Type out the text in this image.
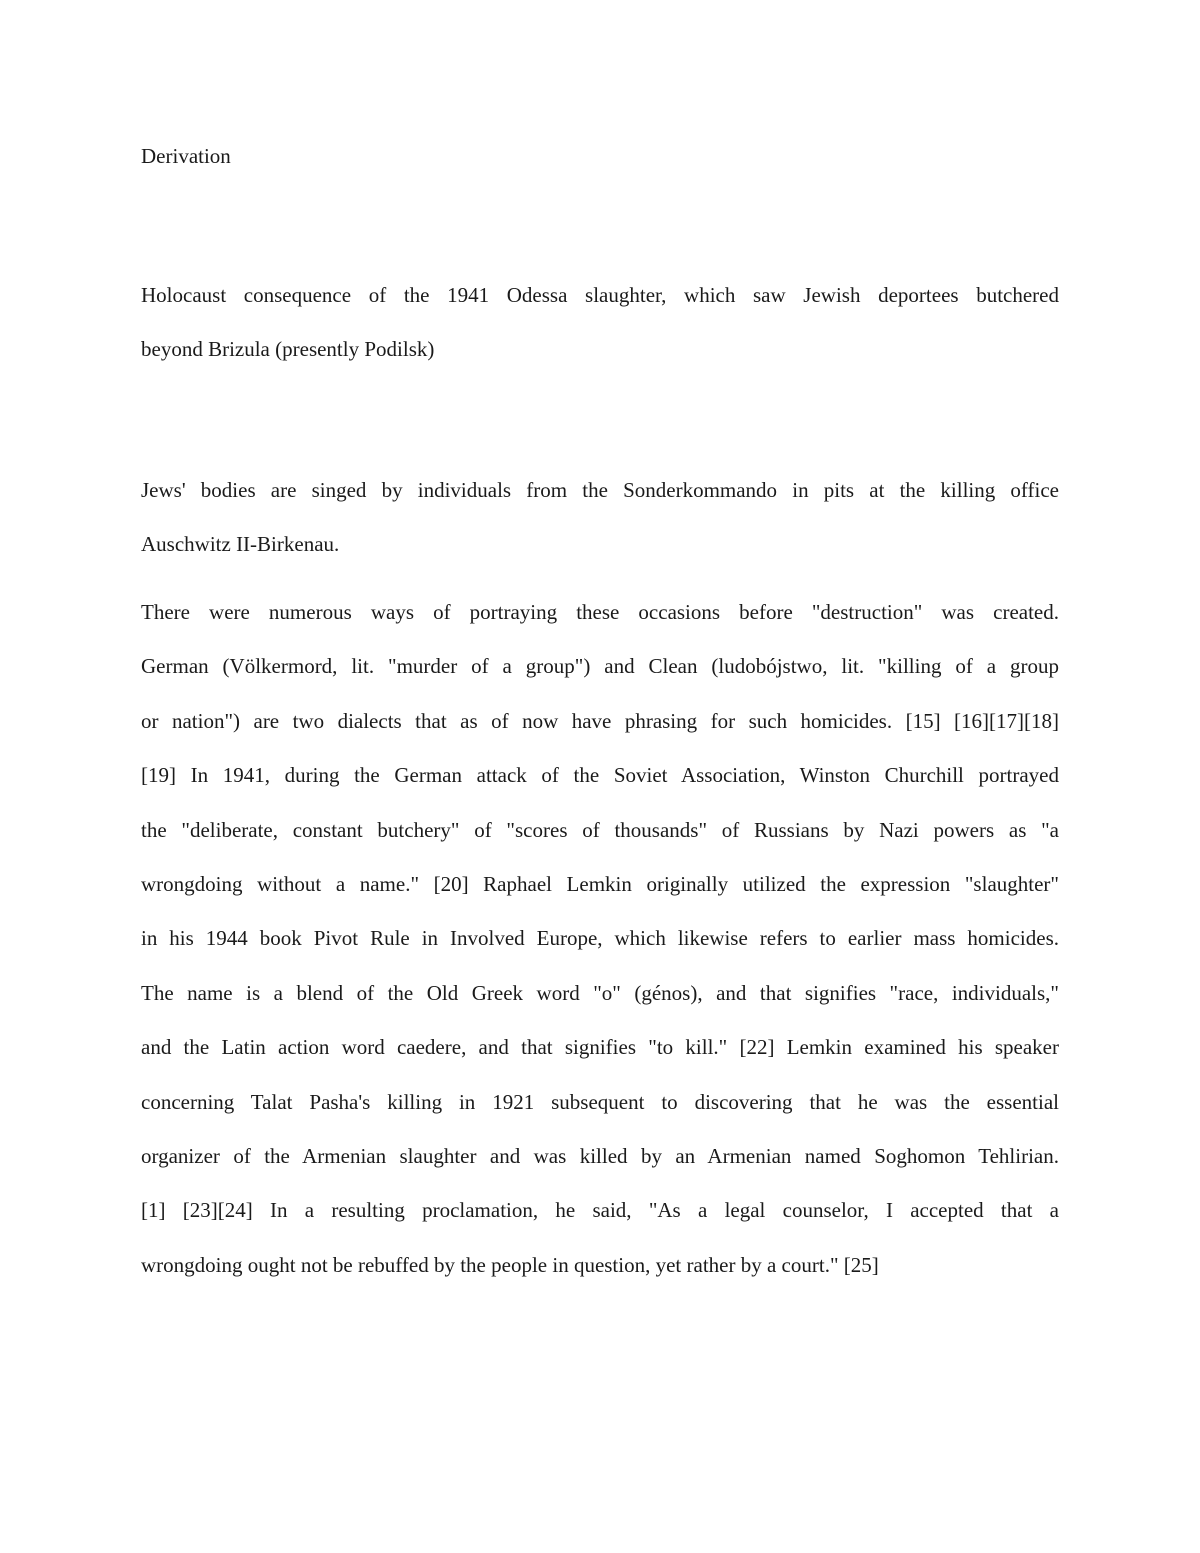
Derivation

Holocaust consequence of the 1941 Odessa slaughter, which saw Jewish deportees butchered
beyond Brizula (presently Podilsk)
Jews' bodies are singed by individuals from the Sonderkommando in pits at the killing office
Auschwitz II-Birkenau.
There were numerous ways of portraying these occasions before "destruction" was created.
German (Völkermord, lit. "murder of a group") and Clean (ludobójstwo, lit. "killing of a group
or nation") are two dialects that as of now have phrasing for such homicides. [15] [16][17][18]
[19] In 1941, during the German attack of the Soviet Association, Winston Churchill portrayed
the "deliberate, constant butchery" of "scores of thousands" of Russians by Nazi powers as "a
wrongdoing without a name." [20] Raphael Lemkin originally utilized the expression "slaughter"
in his 1944 book Pivot Rule in Involved Europe, which likewise refers to earlier mass homicides.
The name is a blend of the Old Greek word "o" (génos), and that signifies "race, individuals,"
and the Latin action word caedere, and that signifies "to kill." [22] Lemkin examined his speaker
concerning Talat Pasha's killing in 1921 subsequent to discovering that he was the essential
organizer of the Armenian slaughter and was killed by an Armenian named Soghomon Tehlirian.
[1] [23][24] In a resulting proclamation, he said, "As a legal counselor, I accepted that a
wrongdoing ought not be rebuffed by the people in question, yet rather by a court." [25]
